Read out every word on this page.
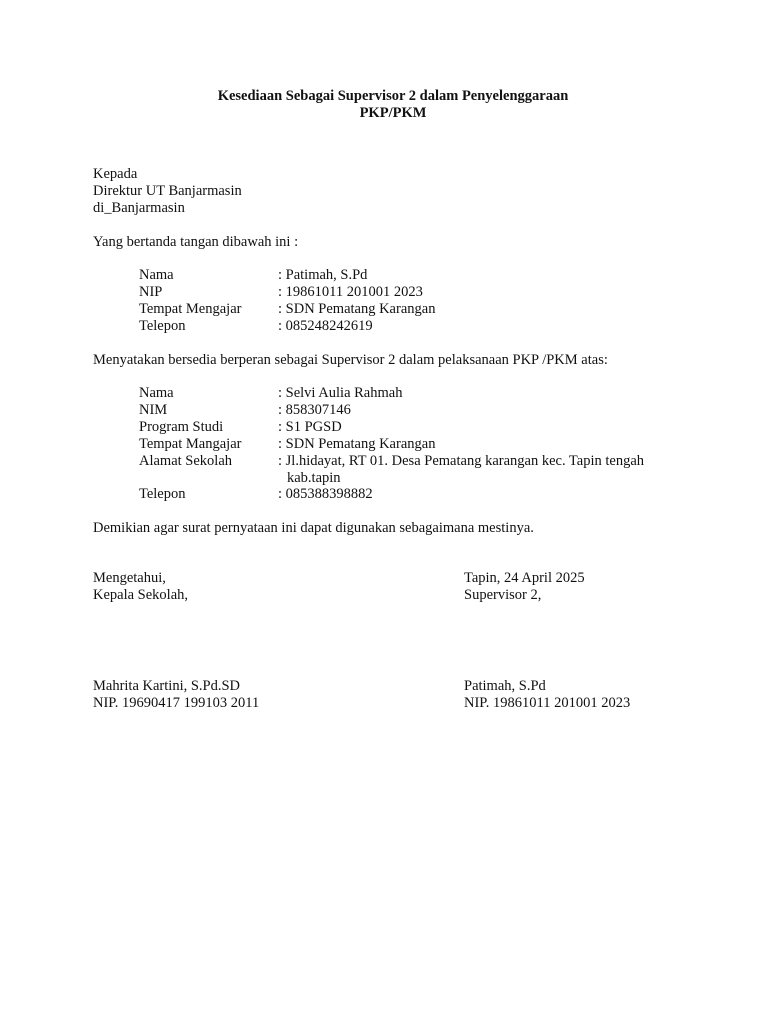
Kesediaan Sebagai Supervisor 2 dalam Penyelenggaraan
PKP/PKM
Kepada
Direktur UT Banjarmasin
di_Banjarmasin
Yang bertanda tangan dibawah ini :
Nama	: Patimah, S.Pd
NIP	: 19861011 201001 2023
Tempat Mengajar	: SDN Pematang Karangan
Telepon	: 085248242619
Menyatakan bersedia berperan sebagai Supervisor 2 dalam pelaksanaan PKP /PKM atas:
Nama	: Selvi Aulia Rahmah
NIM	: 858307146
Program Studi	: S1 PGSD
Tempat Mangajar	: SDN Pematang Karangan
Alamat Sekolah	: Jl.hidayat, RT 01. Desa Pematang karangan kec. Tapin tengah
kab.tapin
Telepon	: 085388398882
Demikian agar surat pernyataan ini dapat digunakan sebagaimana mestinya.
Mengetahui,
Kepala Sekolah,
Mahrita Kartini, S.Pd.SD
NIP. 19690417 199103 2011
Tapin, 24 April 2025
Supervisor 2,
Patimah, S.Pd
NIP. 19861011 201001 2023
